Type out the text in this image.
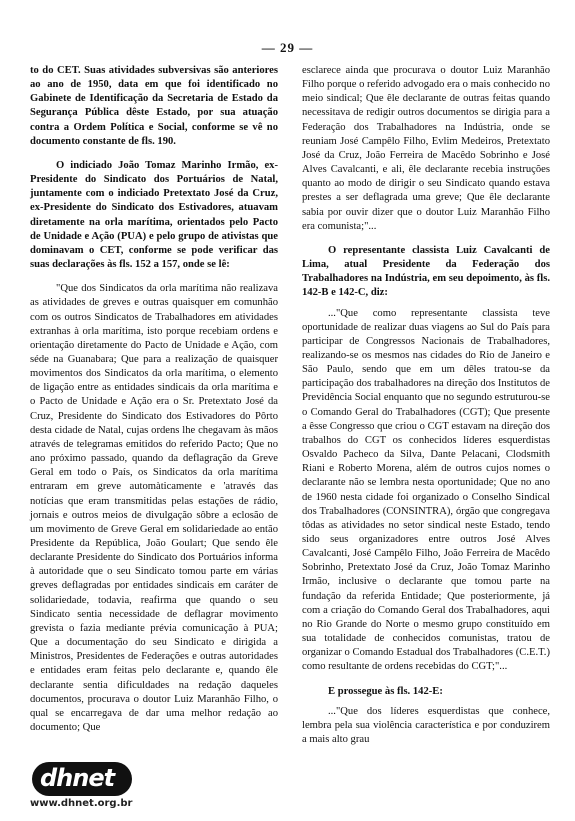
— 29 —

to do CET. Suas atividades subversivas são anteriores ao ano de 1950, data em que foi identificado no Gabinete de Identificação da Secretaria de Estado da Segurança Pública dêste Estado, por sua atuação contra a Ordem Política e Social, conforme se vê no documento constante de fls. 190.

O indiciado João Tomaz Marinho Irmão, ex-Presidente do Sindicato dos Portuários de Natal, juntamente com o indiciado Pretextato José da Cruz, ex-Presidente do Sindicato dos Estivadores, atuavam diretamente na orla marítima, orientados pelo Pacto de Unidade e Ação (PUA) e pelo grupo de ativistas que dominavam o CET, conforme se pode verificar das suas declarações às fls. 152 a 157, onde se lê:

"Que dos Sindicatos da orla marítima não realizava as atividades de greves e outras quaisquer em comunhão com os outros Sindicatos de Trabalhadores em atividades extranhas à orla marítima, isto porque recebiam ordens e orientação diretamente do Pacto de Unidade e Ação, com séde na Guanabara; Que para a realização de quaisquer movimentos dos Sindicatos da orla marítima, o elemento de ligação entre as entidades sindicais da orla marítima e o Pacto de Unidade e Ação era o Sr. Pretextato José da Cruz, Presidente do Sindicato dos Estivadores do Pôrto desta cidade de Natal, cujas ordens lhe chegavam às mãos através de telegramas emitidos do referido Pacto; Que no ano próximo passado, quando da deflagração da Greve Geral em todo o País, os Sindicatos da orla marítima entraram em greve automàticamente e 'através das notícias que eram transmitidas pelas estações de rádio, jornais e outros meios de divulgação sôbre a eclosão de um movimento de Greve Geral em solidariedade ao então Presidente da República, João Goulart; Que sendo êle declarante Presidente do Sindicato dos Portuários informa à autoridade que o seu Sindicato tomou parte em várias greves deflagradas por entidades sindicais em caráter de solidariedade, todavia, reafirma que quando o seu Sindicato sentia necessidade de deflagrar movimento grevista o fazia mediante prévia comunicação à PUA; Que a documentação do seu Sindicato e dirigida a Ministros, Presidentes de Federações e outras autoridades e entidades eram feitas pelo declarante e, quando êle declarante sentia dificuldades na redação daqueles documentos, procurava o doutor Luiz Maranhão Filho, o qual se encarregava de dar uma melhor redação ao documento; Que

esclarece ainda que procurava o doutor Luiz Maranhão Filho porque o referido advogado era o mais conhecido no meio sindical; Que êle declarante de outras feitas quando necessitava de redigir outros documentos se dirigia para a Federação dos Trabalhadores na Indústria, onde se reuniam José Campêlo Filho, Evlim Medeiros, Pretextato José da Cruz, João Ferreira de Macêdo Sobrinho e José Alves Cavalcanti, e ali, êle declarante recebia instruções quanto ao modo de dirigir o seu Sindicato quando estava prestes a ser deflagrada uma greve; Que êle declarante sabia por ouvir dizer que o doutor Luiz Maranhão Filho era comunista;"...

O representante classista Luiz Cavalcanti de Lima, atual Presidente da Federação dos Trabalhadores na Indústria, em seu depoimento, às fls. 142-B e 142-C, diz:

..."Que como representante classista teve oportunidade de realizar duas viagens ao Sul do País para participar de Congressos Nacionais de Trabalhadores, realizando-se os mesmos nas cidades do Rio de Janeiro e São Paulo, sendo que em um dêles tratou-se da participação dos trabalhadores na direção dos Institutos de Previdência Social enquanto que no segundo estruturou-se o Comando Geral do Trabalhadores (CGT); Que presente a êsse Congresso que criou o CGT estavam na direção dos trabalhos do CGT os conhecidos líderes esquerdistas Osvaldo Pacheco da Silva, Dante Pelacani, Clodsmith Riani e Roberto Morena, além de outros cujos nomes o declarante não se lembra nesta oportunidade; Que no ano de 1960 nesta cidade foi organizado o Conselho Sindical dos Trabalhadores (CONSINTRA), órgão que congregava tôdas as atividades no setor sindical neste Estado, tendo sido seus organizadores entre outros José Alves Cavalcanti, José Campêlo Filho, João Ferreira de Macêdo Sobrinho, Pretextato José da Cruz, João Tomaz Marinho Irmão, inclusive o declarante que tomou parte na fundação da referida Entidade; Que posteriormente, já com a criação do Comando Geral dos Trabalhadores, aqui no Rio Grande do Norte o mesmo grupo constituído em sua totalidade de conhecidos comunistas, tratou de organizar o Comando Estadual dos Trabalhadores (C.E.T.) como resultante de ordens recebidas do CGT;"...

E prossegue às fls. 142-E:

..."Que dos líderes esquerdistas que conhece, lembra pela sua violência característica e por conduzirem a mais alto grau

dhnet
www.dhnet.org.br
